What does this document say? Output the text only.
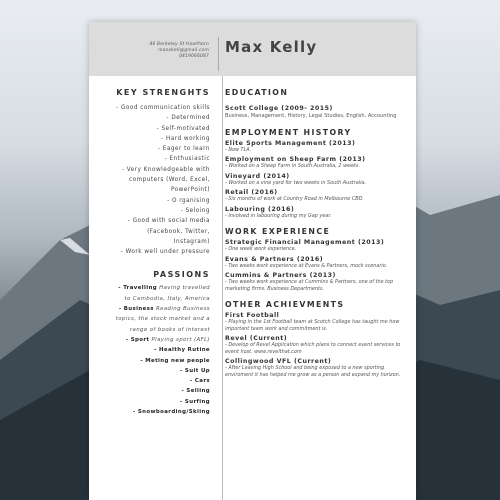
46 Berkeley St Hawthorn
maxxkell@gmail.com
0419066087
Max Kelly
KEY STRENGHTS
- Good communication skills
- Determined
- Self-motivated
- Hard working
- Eager to learn
- Enthusiastic
- Very Knowledgeable with
computers (Word, Excel,
PowerPoint)
- O rganising
- Seloing
- Good with social media
(Facebook, Twitter,
Instagram)
- Work well under pressure
PASSIONS
- Travelling Having travelled
to Cambodia, Italy, America
- Business Reading Business
topics, the stock market and a
range of books of interest
- Sport Playing sport (AFL)
- Healthy Rutine
- Meting new people
- Suit Up
- Cars
- Selling
- Surfing
- Snowboarding/Skiing
EDUCATION
Scott College (2009- 2015)
Business, Management, History, Legal Studies, English, Accounting
EMPLOYMENT HISTORY
Elite Sports Management (2013)
- Now TLA.
Employment on Sheep Farm (2013)
- Worked on a Sheep Farm in South Australia, 2 weeks.
Vineyard (2014)
- Worked on a vine yard for two weeks in South Australia.
Retail (2016)
- Six months of work at Country Road in Melbourne CBD.
Labouring (2016)
- Involved in labouring during my Gap year.
WORK EXPERIENCE
Strategic Financial Management (2013)
- One week work experience.
Evans & Partners (2016)
- Two weeks work experience at Evans & Partners, mock scenario.
Cummins & Partners (2013)
- Two weeks work experience at Cummins & Partners, one of the top marketing firms. Business Departments.
OTHER ACHIEVMENTS
First Football
- Playing in the 1st Football team at Scotch College has taught me how important team work and commitment is.
Revel (Current)
- Develop of Revel Application which plans to connect event services to event host. www.revelthat.com
Collingwood VFL (Current)
- After Leaving High School and being exposed to a new sporting enviroment it has helped me grow as a person and expand my horizon.
